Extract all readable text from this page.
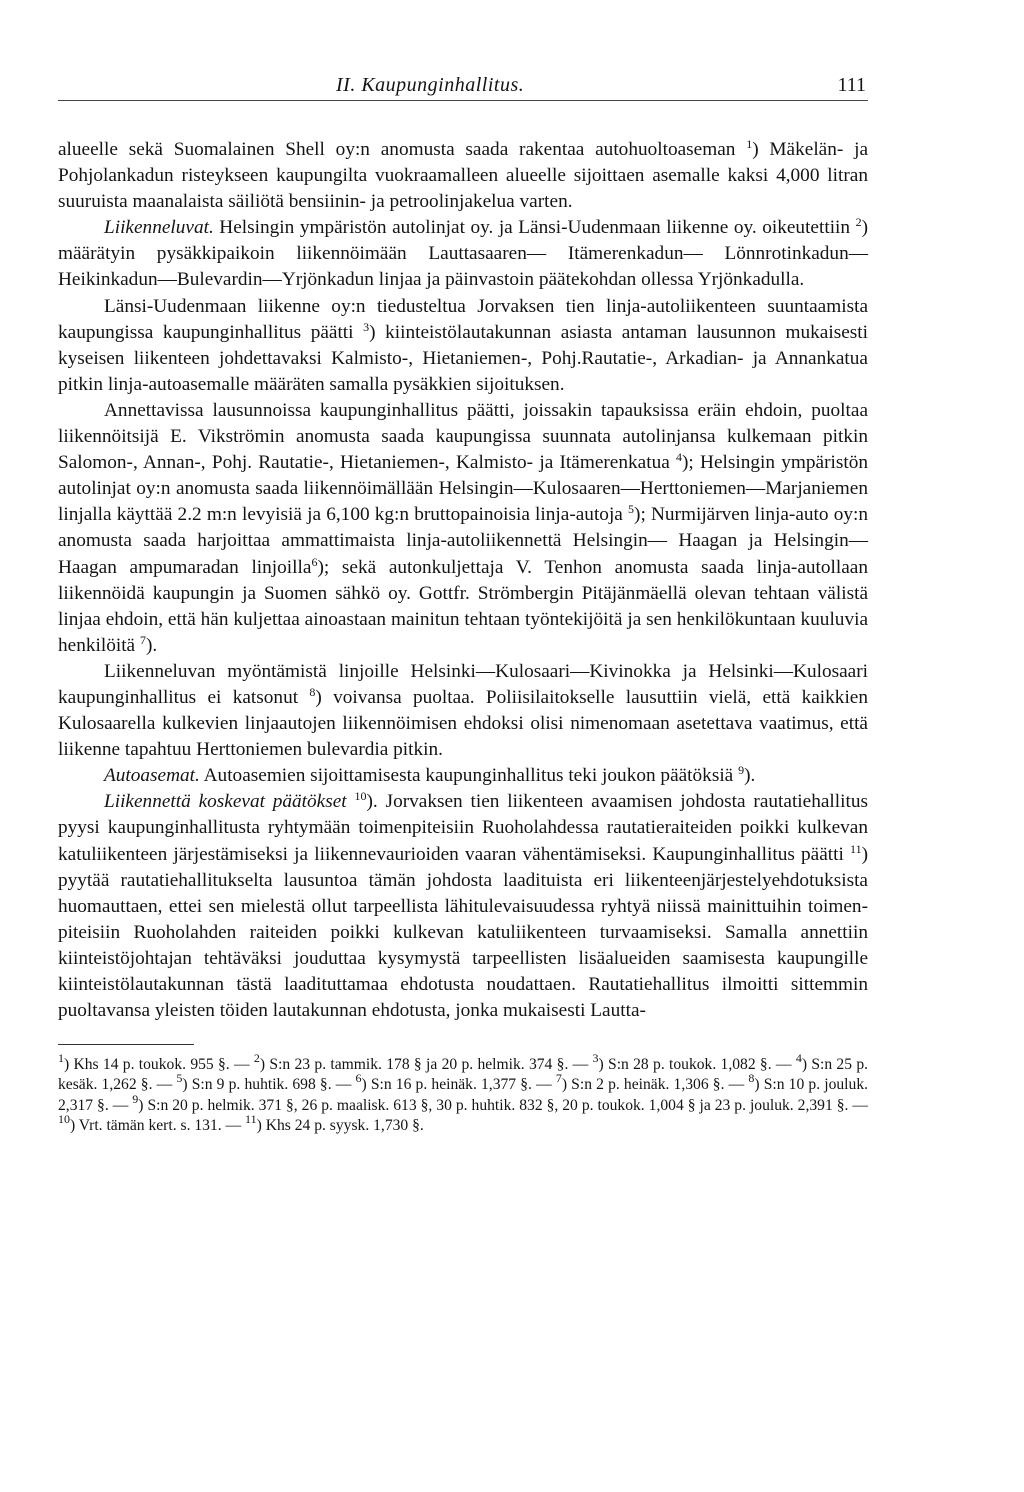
II. Kaupunginhallitus.	111

alueelle sekä Suomalainen Shell oy:n anomusta saada rakentaa autohuoltoaseman $^1$) Mäkelän- ja Pohjolankadun risteykseen kaupungilta vuokraamalleen alueelle sijoittaen asemalle kaksi 4,000 litran suuruista maanalaista säiliötä bensiinin- ja petroolinjakelua varten.

Liikenneluvat. Helsingin ympäristön autolinjat oy. ja Länsi-Uudenmaan liikenne oy. oikeutettiin $^2$) määrätyin pysäkkipaikoin liikennöimään Lauttasaaren— Itämerenkadun— Lönnrotinkadun—Heikinkadun—Bulevardin—Yrjönkadun linjaa ja päinvastoin päätekohdan ollessa Yrjönkadulla.

Länsi-Uudenmaan liikenne oy:n tiedusteltua Jorvaksen tien linja-autoliikenteen suuntaamista kaupungissa kaupunginhallitus päätti $^3$) kiinteistölautakunnan asiasta antaman lausunnon mukaisesti kyseisen liikenteen johdettavaksi Kalmisto-, Hietaniemen-, Pohj.Rautatie-, Arkadian- ja Annankatua pitkin linja-autoasemalle määräten samalla pysäkkien sijoituksen.

Annettavissa lausunnoissa kaupunginhallitus päätti, joissakin tapauksissa eräin ehdoin, puoltaa liikennöitsijä E. Vikströmin anomusta saada kaupungissa suunnata autolinjansa kulkemaan pitkin Salomon-, Annan-, Pohj. Rautatie-, Hietaniemen-, Kalmisto- ja Itämerenkatua $^4$); Helsingin ympäristön autolinjat oy:n anomusta saada liikennöimällään Helsingin—Kulosaaren—Herttoniemen—Marjaniemen linjalla käyttää 2.2 m:n levyisiä ja 6,100 kg:n bruttopainoisia linja-autoja $^5$); Nurmijärven linja-auto oy:n anomusta saada harjoittaa ammattimaista linja-autoliikennettä Helsingin— Haagan ja Helsingin—Haagan ampumaradan linjoilla$^6$); sekä autonkuljettaja V. Tenhon anomusta saada linja-autollaan liikennöidä kaupungin ja Suomen sähkö oy. Gottfr. Strömbergin Pitäjänmäellä olevan tehtaan välistä linjaa ehdoin, että hän kuljettaa ainoastaan mainitun tehtaan työntekijöitä ja sen henkilökuntaan kuuluvia henkilöitä $^7$).

Liikenneluvan myöntämistä linjoille Helsinki—Kulosaari—Kivinokka ja Helsinki—Kulosaari kaupunginhallitus ei katsonut $^8$) voivansa puoltaa. Poliisilaitokselle lausuttiin vielä, että kaikkien Kulosaarella kulkevien linjaautojen liikennöimisen ehdoksi olisi nimenomaan asetettava vaatimus, että liikenne tapahtuu Herttoniemen bulevardia pitkin.

Autoasemat. Autoasemien sijoittamisesta kaupunginhallitus teki joukon päätöksiä $^9$).

Liikennettä koskevat päätökset $^{10}$). Jorvaksen tien liikenteen avaamisen johdosta rautatiehallitus pyysi kaupunginhallitusta ryhtymään toimenpiteisiin Ruoholahdessa rautatieraiteiden poikki kulkevan katuliikenteen järjestämiseksi ja liikennevaurioiden vaaran vähentämiseksi. Kaupunginhallitus päätti $^{11}$) pyytää rautatiehallitukselta lausuntoa tämän johdosta laadituista eri liikenteenjärjestelyehdotuksista huomauttaen, ettei sen mielestä ollut tarpeellista lähitulevaisuudessa ryhtyä niissä mainittuihin toimenpiteisiin Ruoholahden raiteiden poikki kulkevan katuliikenteen turvaamiseksi. Samalla annettiin kiinteistöjohtajan tehtäväksi jouduttaa kysymystä tarpeellisten lisäalueiden saamisesta kaupungille kiinteistölautakunnan tästä laadituttamaa ehdotusta noudattaen. Rautatiehallitus ilmoitti sittemmin puoltavansa yleisten töiden lautakunnan ehdotusta, jonka mukaisesti Lautta-

$^1$) Khs 14 p. toukok. 955 §. — $^2$) S:n 23 p. tammik. 178 § ja 20 p. helmik. 374 §. — $^3$) S:n 28 p. toukok. 1,082 §. — $^4$) S:n 25 p. kesäk. 1,262 §. — $^5$) S:n 9 p. huhtik. 698 §. — $^6$) S:n 16 p. heinäk. 1,377 §. — $^7$) S:n 2 p. heinäk. 1,306 §. — $^8$) S:n 10 p. jouluk. 2,317 §. — $^9$) S:n 20 p. helmik. 371 §, 26 p. maalisk. 613 §, 30 p. huhtik. 832 §, 20 p. toukok. 1,004 § ja 23 p. jouluk. 2,391 §. — $^{10}$) Vrt. tämän kert. s. 131. — $^{11}$) Khs 24 p. syysk. 1,730 §.
